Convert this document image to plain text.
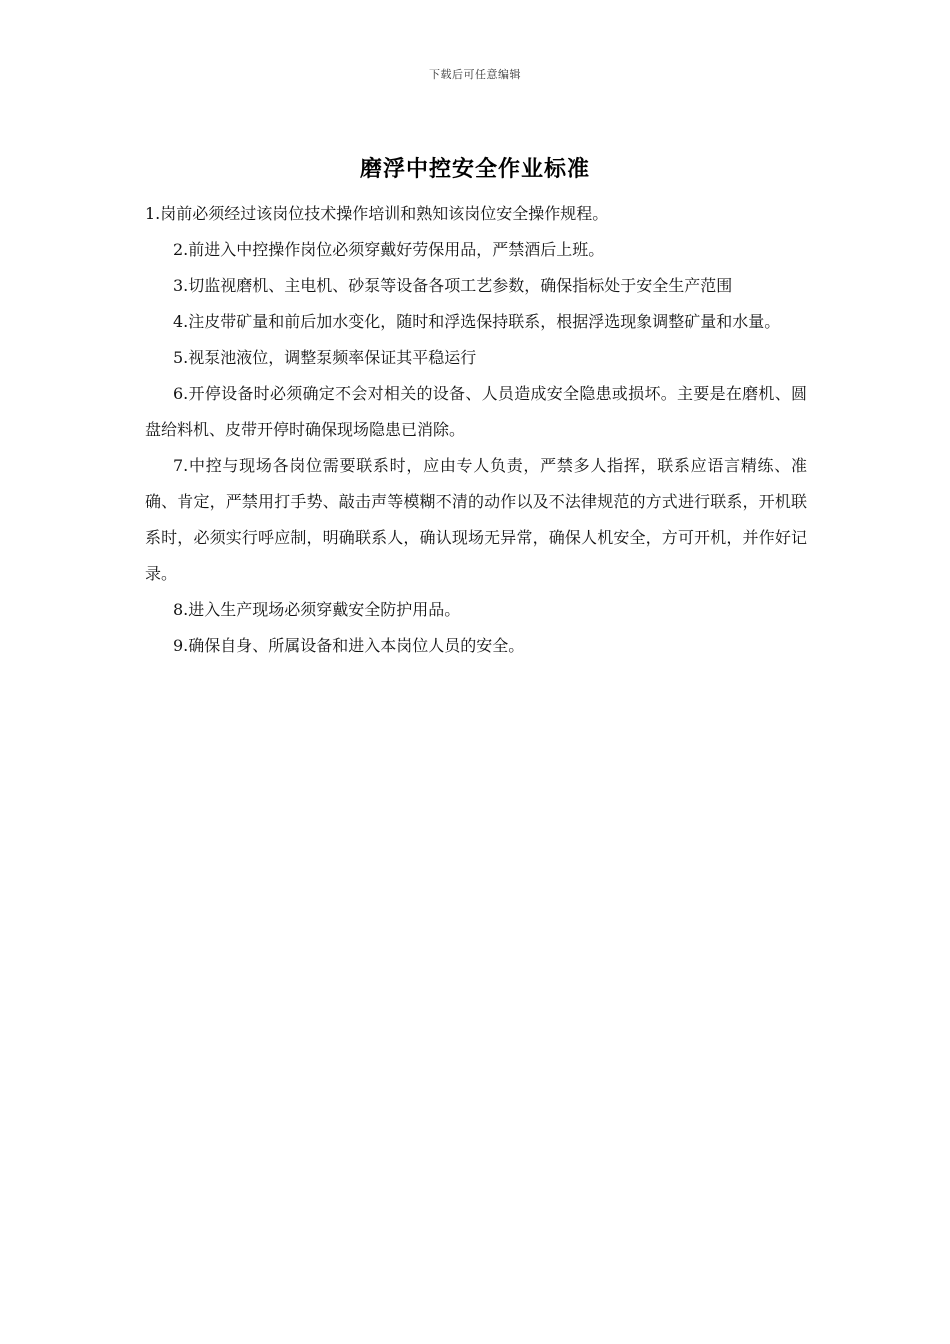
下载后可任意编辑
磨浮中控安全作业标准

1.岗前必须经过该岗位技术操作培训和熟知该岗位安全操作规程。

2.前进入中控操作岗位必须穿戴好劳保用品，严禁酒后上班。

3.切监视磨机、主电机、砂泵等设备各项工艺参数，确保指标处于安全生产范围

4.注皮带矿量和前后加水变化，随时和浮选保持联系，根据浮选现象调整矿量和水量。

5.视泵池液位，调整泵频率保证其平稳运行

6.开停设备时必须确定不会对相关的设备、人员造成安全隐患或损坏。主要是在磨机、圆盘给料机、皮带开停时确保现场隐患已消除。

7.中控与现场各岗位需要联系时，应由专人负责，严禁多人指挥，联系应语言精练、准确、肯定，严禁用打手势、敲击声等模糊不清的动作以及不法律规范的方式进行联系，开机联系时，必须实行呼应制，明确联系人，确认现场无异常，确保人机安全，方可开机，并作好记录。

8.进入生产现场必须穿戴安全防护用品。

9.确保自身、所属设备和进入本岗位人员的安全。
